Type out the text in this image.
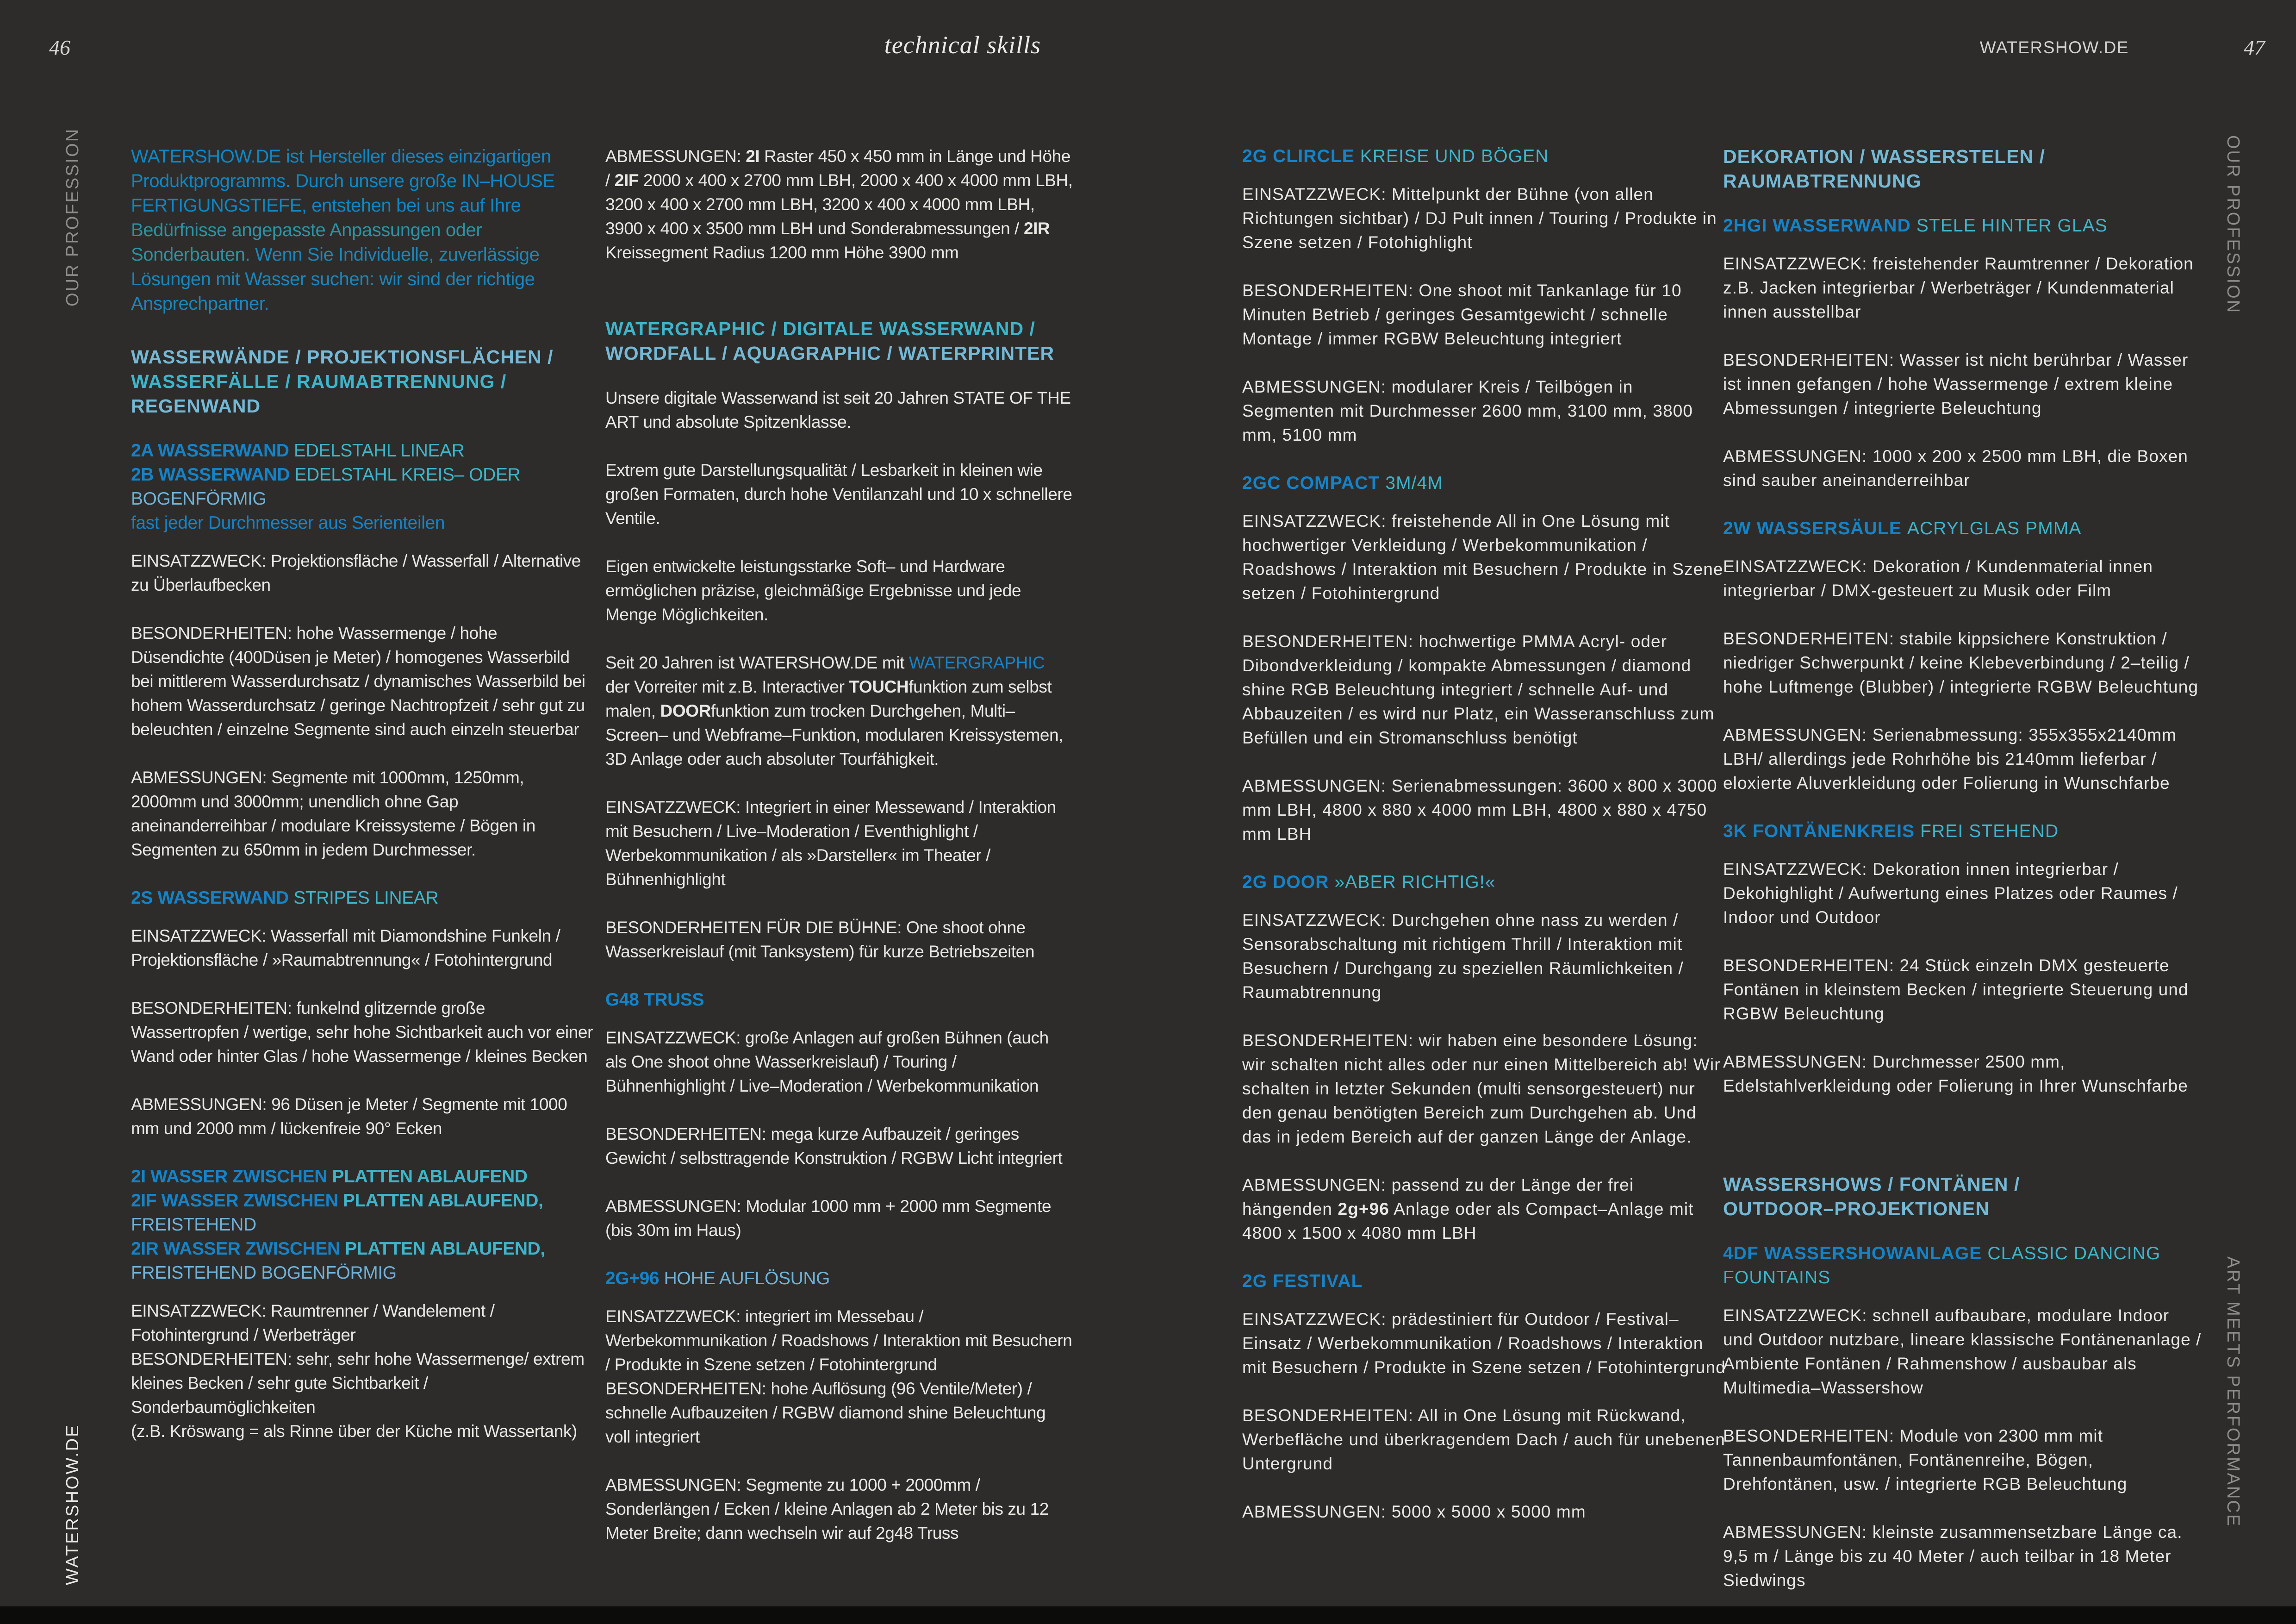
46	technical skills	WATERSHOW.DE	47
OUR PROFESSION
WATERSHOW.DE
OUR PROFESSION
ART MEETS PERFORMANCE
WATERSHOW.DE ist Hersteller dieses einzigartigen Produktprogramms. Durch unsere große IN–HOUSE FERTIGUNGSTIEFE, entstehen bei uns auf Ihre Bedürfnisse angepasste Anpassungen oder Sonderbauten. Wenn Sie Individuelle, zuverlässige Lösungen mit Wasser suchen: wir sind der richtige Ansprechpartner.
WASSERWÄNDE / PROJEKTIONSFLÄCHEN /
WASSERFÄLLE / RAUMABTRENNUNG /
REGENWAND
2A WASSERWAND EDELSTAHL LINEAR
2B WASSERWAND EDELSTAHL KREIS– ODER
BOGENFÖRMIG
fast jeder Durchmesser aus Serienteilen
EINSATZZWECK: Projektionsfläche / Wasserfall / Alternative zu Überlaufbecken
BESONDERHEITEN: hohe Wassermenge / hohe Düsendichte (400Düsen je Meter) / homogenes Wasserbild bei mittlerem Wasserdurchsatz / dynamisches Wasserbild bei hohem Wasserdurchsatz / geringe Nachtropfzeit / sehr gut zu beleuchten / einzelne Segmente sind auch einzeln steuerbar
ABMESSUNGEN: Segmente mit 1000mm, 1250mm, 2000mm und 3000mm; unendlich ohne Gap aneinanderreihbar / modulare Kreissysteme / Bögen in Segmenten zu 650mm in jedem Durchmesser.
2S WASSERWAND STRIPES LINEAR
EINSATZZWECK: Wasserfall mit Diamondshine Funkeln / Projektionsfläche / »Raumabtrennung« / Fotohintergrund
BESONDERHEITEN: funkelnd glitzernde große Wassertropfen / wertige, sehr hohe Sichtbarkeit auch vor einer Wand oder hinter Glas / hohe Wassermenge / kleines Becken
ABMESSUNGEN: 96 Düsen je Meter / Segmente mit 1000 mm und 2000 mm / lückenfreie 90° Ecken
2I WASSER ZWISCHEN PLATTEN ABLAUFEND
2IF WASSER ZWISCHEN PLATTEN ABLAUFEND,
FREISTEHEND
2IR WASSER ZWISCHEN PLATTEN ABLAUFEND,
FREISTEHEND BOGENFÖRMIG
EINSATZZWECK: Raumtrenner / Wandelement / Fotohintergrund / Werbeträger
BESONDERHEITEN: sehr, sehr hohe Wassermenge/ extrem kleines Becken / sehr gute Sichtbarkeit / Sonderbaumöglichkeiten
(z.B. Kröswang = als Rinne über der Küche mit Wassertank)
ABMESSUNGEN: 2I Raster 450 x 450 mm in Länge und Höhe / 2IF 2000 x 400 x 2700 mm LBH, 2000 x 400 x 4000 mm LBH, 3200 x 400 x 2700 mm LBH, 3200 x 400 x 4000 mm LBH, 3900 x 400 x 3500 mm LBH und Sonderabmessungen / 2IR Kreissegment Radius 1200 mm Höhe 3900 mm
WATERGRAPHIC / DIGITALE WASSERWAND /
WORDFALL / AQUAGRAPHIC / WATERPRINTER
Unsere digitale Wasserwand ist seit 20 Jahren STATE OF THE ART und absolute Spitzenklasse.
Extrem gute Darstellungsqualität / Lesbarkeit in kleinen wie großen Formaten, durch hohe Ventilanzahl und 10 x schnellere Ventile.
Eigen entwickelte leistungsstarke Soft– und Hardware ermöglichen präzise, gleichmäßige Ergebnisse und jede Menge Möglichkeiten.
Seit 20 Jahren ist WATERSHOW.DE mit WATERGRAPHIC der Vorreiter mit z.B. Interactiver TOUCHfunktion zum selbst malen, DOORfunktion zum trocken Durchgehen, Multi–Screen– und Webframe–Funktion, modularen Kreissystemen, 3D Anlage oder auch absoluter Tourfähigkeit.
EINSATZZWECK: Integriert in einer Messewand / Interaktion mit Besuchern / Live–Moderation / Eventhighlight / Werbekommunikation / als »Darsteller« im Theater / Bühnenhighlight
BESONDERHEITEN FÜR DIE BÜHNE: One shoot ohne Wasserkreislauf (mit Tanksystem) für kurze Betriebszeiten
G48 TRUSS
EINSATZZWECK: große Anlagen auf großen Bühnen (auch als One shoot ohne Wasserkreislauf) / Touring / Bühnenhighlight / Live–Moderation / Werbekommunikation
BESONDERHEITEN: mega kurze Aufbauzeit / geringes Gewicht / selbsttragende Konstruktion / RGBW Licht integriert
ABMESSUNGEN: Modular 1000 mm + 2000 mm Segmente (bis 30m im Haus)
2G+96 HOHE AUFLÖSUNG
EINSATZZWECK: integriert im Messebau / Werbekommunikation / Roadshows / Interaktion mit Besuchern / Produkte in Szene setzen / Fotohintergrund
BESONDERHEITEN: hohe Auflösung (96 Ventile/Meter) / schnelle Aufbauzeiten / RGBW diamond shine Beleuchtung voll integriert
ABMESSUNGEN: Segmente zu 1000 + 2000mm / Sonderlängen / Ecken / kleine Anlagen ab 2 Meter bis zu 12 Meter Breite; dann wechseln wir auf 2g48 Truss
2G CLIRCLE KREISE UND BÖGEN
EINSATZZWECK: Mittelpunkt der Bühne (von allen Richtungen sichtbar) / DJ Pult innen / Touring / Produkte in Szene setzen / Fotohighlight
BESONDERHEITEN: One shoot mit Tankanlage für 10 Minuten Betrieb / geringes Gesamtgewicht / schnelle Montage / immer RGBW Beleuchtung integriert
ABMESSUNGEN: modularer Kreis / Teilbögen in Segmenten mit Durchmesser 2600 mm, 3100 mm, 3800 mm, 5100 mm
2GC COMPACT 3M/4M
EINSATZZWECK: freistehende All in One Lösung mit hochwertiger Verkleidung / Werbekommunikation / Roadshows / Interaktion mit Besuchern / Produkte in Szene setzen / Fotohintergrund
BESONDERHEITEN: hochwertige PMMA Acryl- oder Dibondverkleidung / kompakte Abmessungen / diamond shine RGB Beleuchtung integriert / schnelle Auf- und Abbauzeiten / es wird nur Platz, ein Wasseranschluss zum Befüllen und ein Stromanschluss benötigt
ABMESSUNGEN: Serienabmessungen: 3600 x 800 x 3000 mm LBH, 4800 x 880 x 4000 mm LBH, 4800 x 880 x 4750 mm LBH
2G DOOR »ABER RICHTIG!«
EINSATZZWECK: Durchgehen ohne nass zu werden / Sensorabschaltung mit richtigem Thrill / Interaktion mit Besuchern / Durchgang zu speziellen Räumlichkeiten / Raumabtrennung
BESONDERHEITEN: wir haben eine besondere Lösung: wir schalten nicht alles oder nur einen Mittelbereich ab! Wir schalten in letzter Sekunden (multi sensorgesteuert) nur den genau benötigten Bereich zum Durchgehen ab. Und das in jedem Bereich auf der ganzen Länge der Anlage.
ABMESSUNGEN: passend zu der Länge der frei hängenden 2g+96 Anlage oder als Compact–Anlage mit 4800 x 1500 x 4080 mm LBH
2G FESTIVAL
EINSATZZWECK: prädestiniert für Outdoor / Festival–Einsatz / Werbekommunikation / Roadshows / Interaktion mit Besuchern / Produkte in Szene setzen / Fotohintergrund
BESONDERHEITEN: All in One Lösung mit Rückwand, Werbefläche und überkragendem Dach / auch für unebenen Untergrund
ABMESSUNGEN: 5000 x 5000 x 5000 mm
DEKORATION / WASSERSTELEN /
RAUMABTRENNUNG
2HGI WASSERWAND STELE HINTER GLAS
EINSATZZWECK: freistehender Raumtrenner / Dekoration z.B. Jacken integrierbar / Werbeträger / Kundenmaterial innen ausstellbar
BESONDERHEITEN: Wasser ist nicht berührbar / Wasser ist innen gefangen / hohe Wassermenge / extrem kleine Abmessungen / integrierte Beleuchtung
ABMESSUNGEN: 1000 x 200 x 2500 mm LBH, die Boxen sind sauber aneinanderreihbar
2W WASSERSÄULE ACRYLGLAS PMMA
EINSATZZWECK: Dekoration / Kundenmaterial innen integrierbar / DMX-gesteuert zu Musik oder Film
BESONDERHEITEN: stabile kippsichere Konstruktion / niedriger Schwerpunkt / keine Klebeverbindung / 2–teilig / hohe Luftmenge (Blubber) / integrierte RGBW Beleuchtung
ABMESSUNGEN: Serienabmessung: 355x355x2140mm LBH/ allerdings jede Rohrhöhe bis 2140mm lieferbar / eloxierte Aluverkleidung oder Folierung in Wunschfarbe
3K FONTÄNENKREIS FREI STEHEND
EINSATZZWECK: Dekoration innen integrierbar / Dekohighlight / Aufwertung eines Platzes oder Raumes / Indoor und Outdoor
BESONDERHEITEN: 24 Stück einzeln DMX gesteuerte Fontänen in kleinstem Becken / integrierte Steuerung und RGBW Beleuchtung
ABMESSUNGEN: Durchmesser 2500 mm, Edelstahlverkleidung oder Folierung in Ihrer Wunschfarbe
WASSERSHOWS / FONTÄNEN /
OUTDOOR–PROJEKTIONEN
4DF WASSERSHOWANLAGE CLASSIC DANCING FOUNTAINS
EINSATZZWECK: schnell aufbaubare, modulare Indoor und Outdoor nutzbare, lineare klassische Fontänenanlage / Ambiente Fontänen / Rahmenshow / ausbaubar als Multimedia–Wassershow
BESONDERHEITEN: Module von 2300 mm mit Tannenbaumfontänen, Fontänenreihe, Bögen, Drehfontänen, usw. / integrierte RGB Beleuchtung
ABMESSUNGEN: kleinste zusammensetzbare Länge ca. 9,5 m / Länge bis zu 40 Meter / auch teilbar in 18 Meter Siedwings
